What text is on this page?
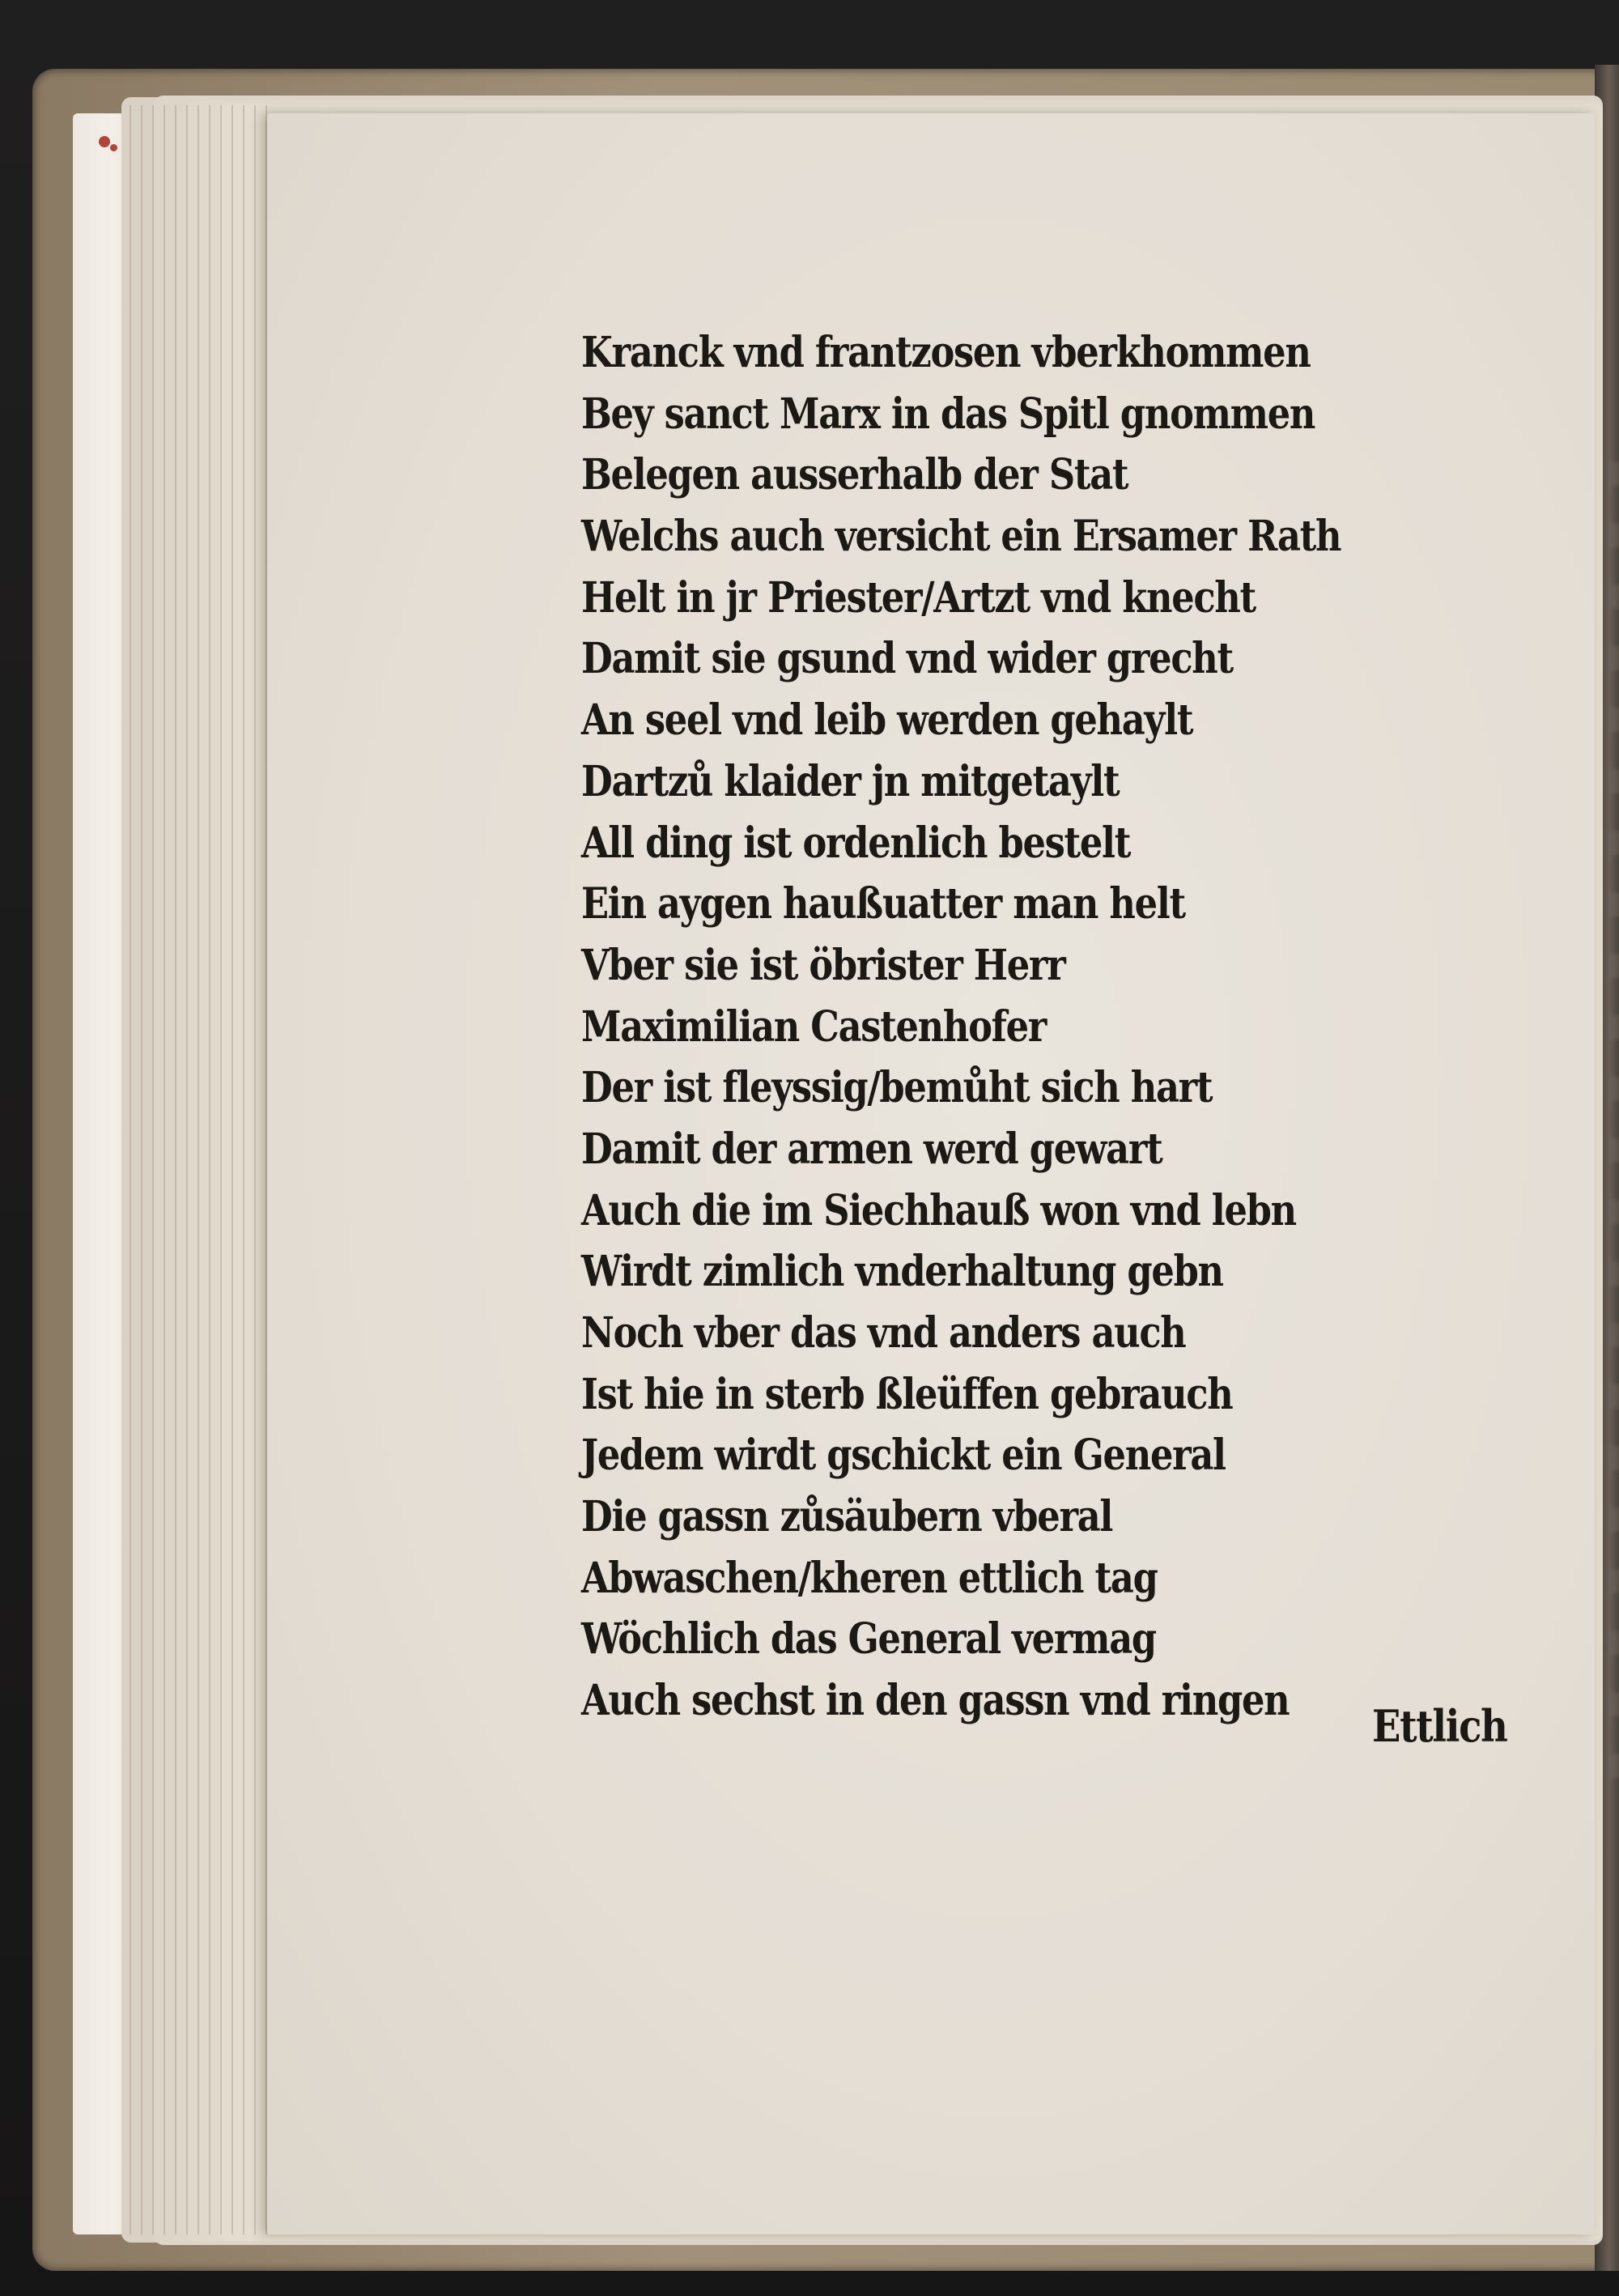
Kranck vnd frantzosen vberkhommen
Bey sanct Marx in das Spitl gnommen
Belegen ausserhalb der Stat
Welchs auch versicht ein Ersamer Rath
Helt in jr Priester/Artzt vnd knecht
Damit sie gsund vnd wider grecht
An seel vnd leib werden gehaylt
Dartzů klaider jn mitgetaylt
All ding ist ordenlich bestelt
Ein aygen haußuatter man helt
Vber sie ist öbrister Herr
Maximilian Castenhofer
Der ist fleyssig/bemůht sich hart
Damit der armen werd gewart
Auch die im Siechhauß won vnd lebn
Wirdt zimlich vnderhaltung gebn
Noch vber das vnd anders auch
Ist hie in sterb ßleüffen gebrauch
Jedem wirdt gschickt ein General
Die gassn zůsäubern vberal
Abwaschen/kheren ettlich tag
Wöchlich das General vermag
Auch sechst in den gassn vnd ringen	Ettlich
